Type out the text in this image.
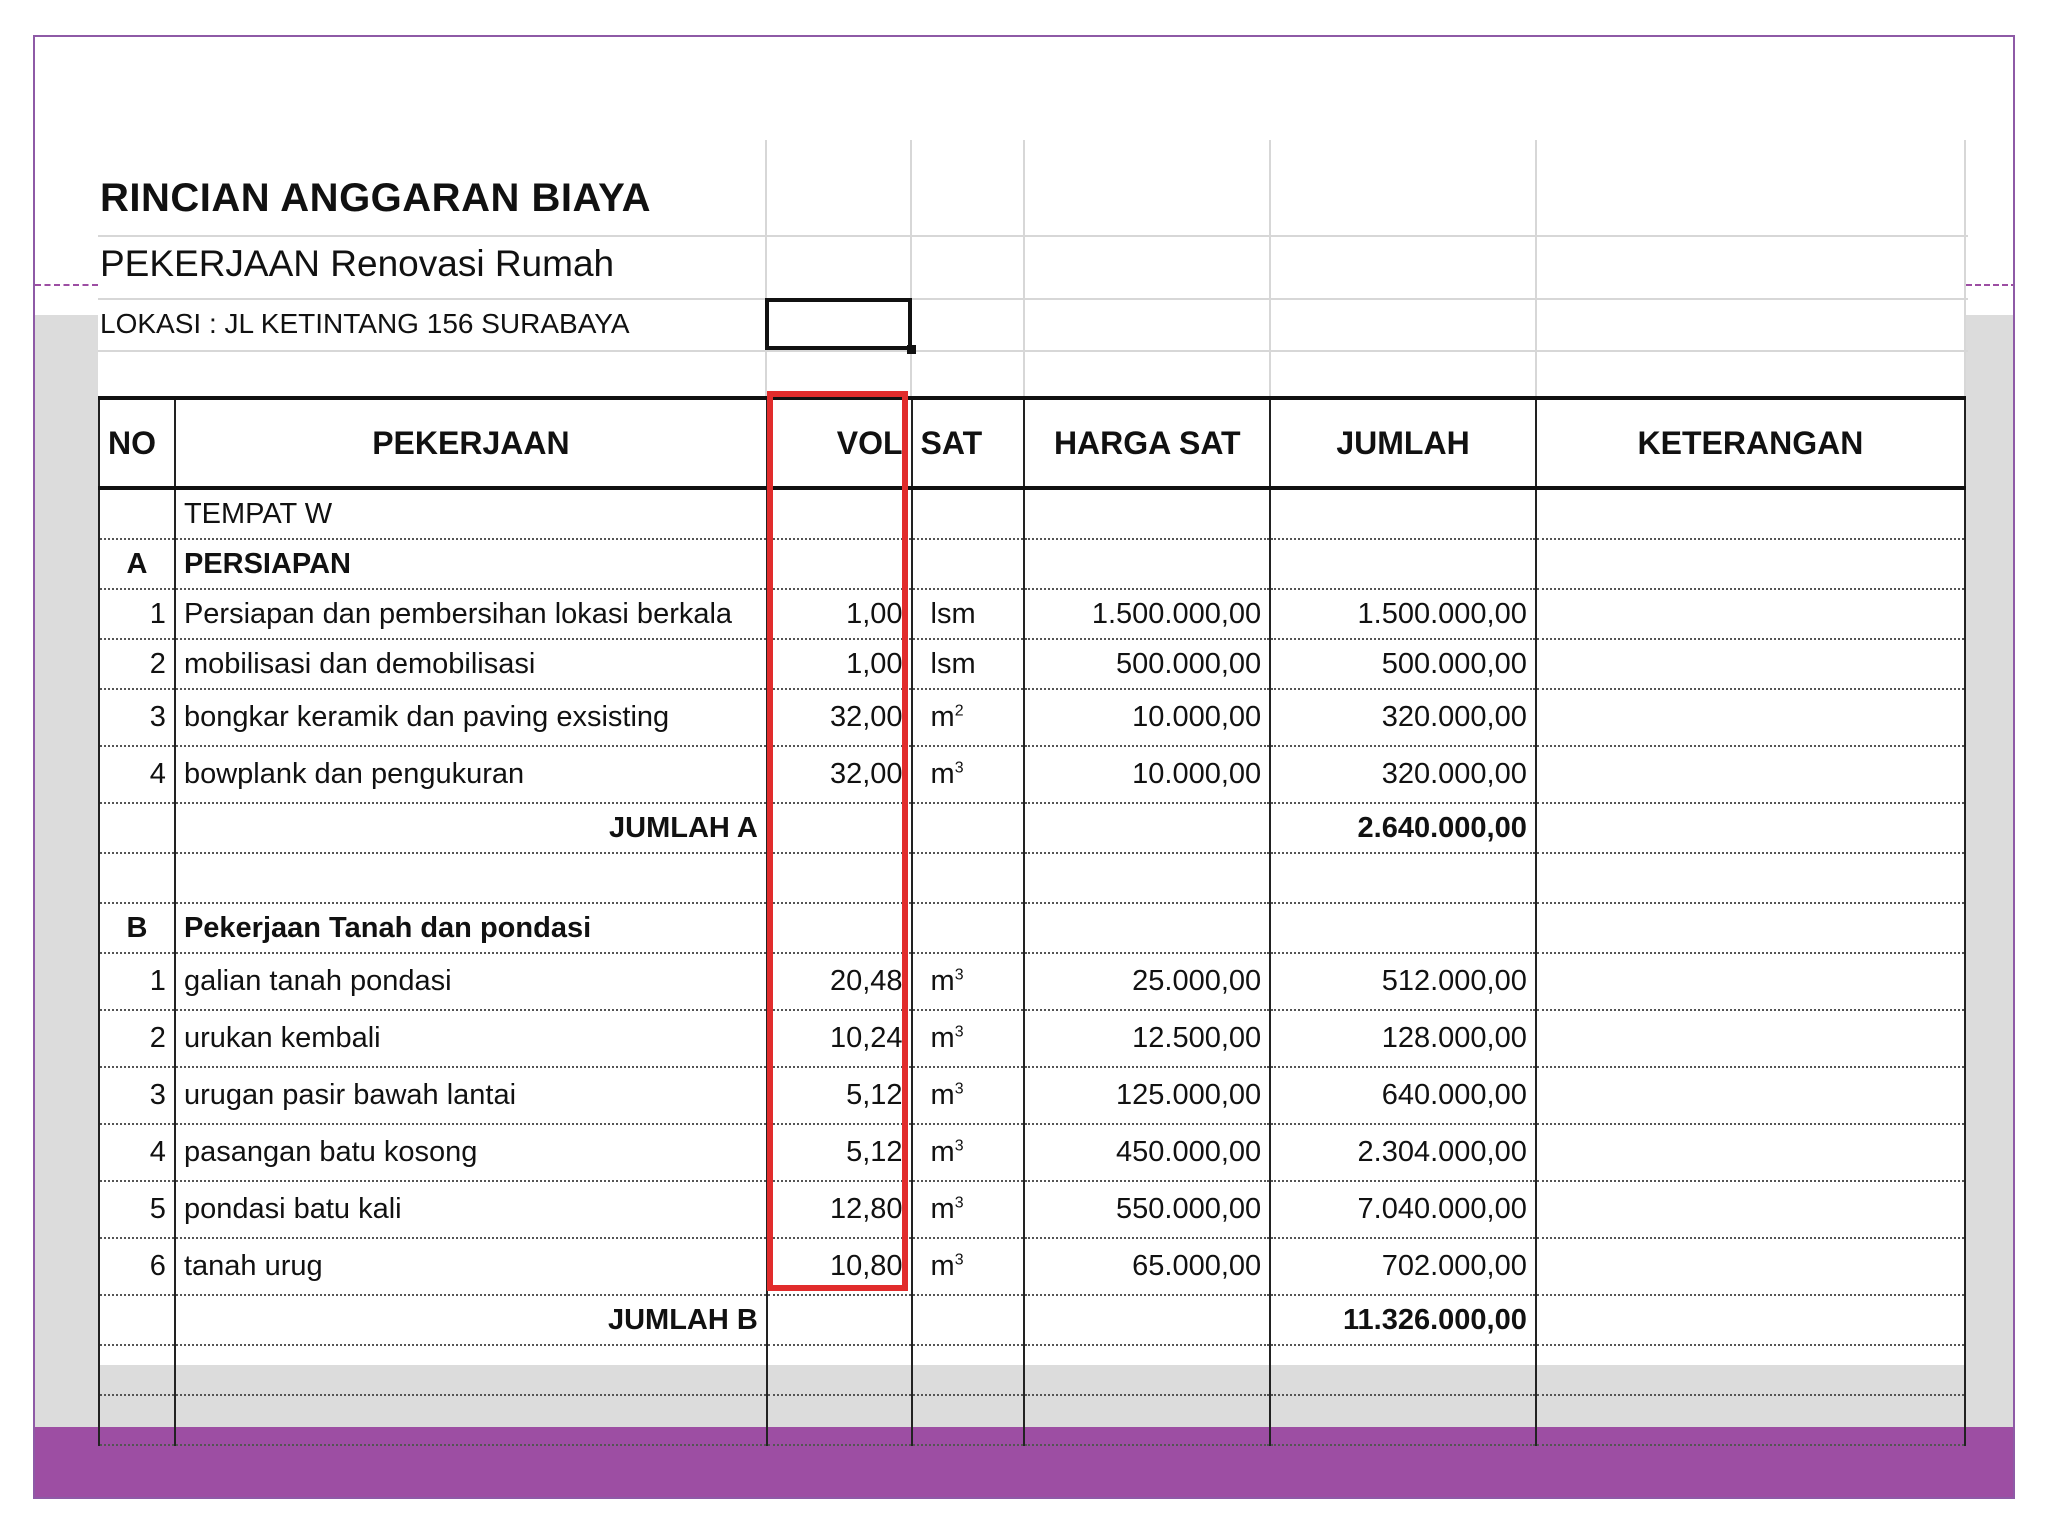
RINCIAN ANGGARAN BIAYA
PEKERJAAN Renovasi Rumah
LOKASI : JL KETINTANG 156 SURABAYA
NO	PEKERJAAN	VOL	SAT	HARGA SAT	JUMLAH	KETERANGAN
	TEMPAT W					
A	PERSIAPAN					
1	Persiapan dan pembersihan lokasi berkala	1,00	lsm	1.500.000,00	1.500.000,00	
2	mobilisasi dan demobilisasi	1,00	lsm	500.000,00	500.000,00	
3	bongkar keramik dan paving exsisting	32,00	$m^2$	10.000,00	320.000,00	
4	bowplank dan pengukuran	32,00	$m^3$	10.000,00	320.000,00	
	JUMLAH A				2.640.000,00	

B	Pekerjaan Tanah dan pondasi					
1	galian tanah pondasi	20,48	$m^3$	25.000,00	512.000,00	
2	urukan kembali	10,24	$m^3$	12.500,00	128.000,00	
3	urugan pasir bawah lantai	5,12	$m^3$	125.000,00	640.000,00	
4	pasangan batu kosong	5,12	$m^3$	450.000,00	2.304.000,00	
5	pondasi batu kali	12,80	$m^3$	550.000,00	7.040.000,00	
6	tanah urug	10,80	$m^3$	65.000,00	702.000,00	
	JUMLAH B				11.326.000,00	
